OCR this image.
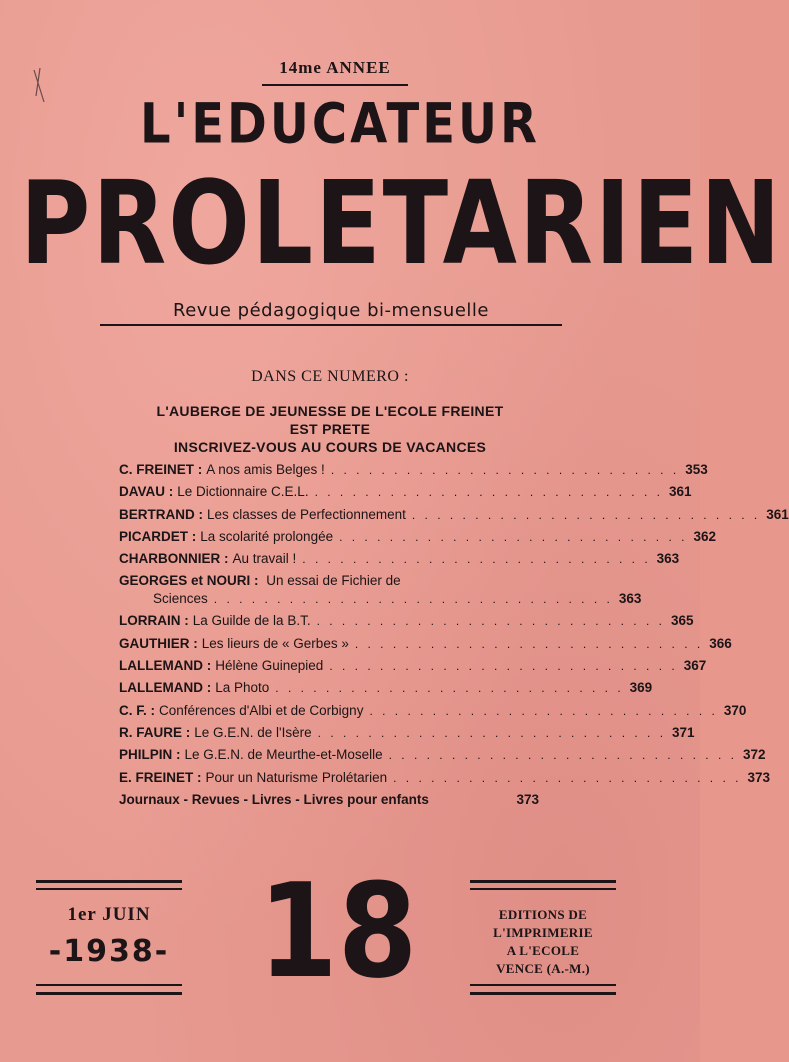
14me ANNEE
L'EDUCATEUR
PROLETARIEN
Revue pédagogique bi-mensuelle
DANS CE NUMERO :
L'AUBERGE DE JEUNESSE DE L'ECOLE FREINET
EST PRETE
INSCRIVEZ-VOUS AU COURS DE VACANCES
C. FREINET : A nos amis Belges ! . . . . . . . . . . . . . . . . . . . . . . . . . . . . 353
DAVAU : Le Dictionnaire C.E.L. . . . . . . . . . . . . . . . . . . . . . . . . . . . . 361
BERTRAND : Les classes de Perfectionnement . . . . . . . . . . . . . . . . . . . . . . . . . . . . 361
PICARDET : La scolarité prolongée . . . . . . . . . . . . . . . . . . . . . . . . . . . . 362
CHARBONNIER : Au travail ! . . . . . . . . . . . . . . . . . . . . . . . . . . . . 363
GEORGES et NOURI : Un essai de Fichier de
Sciences . . . . . . . . . . . . . . . . . . . . . . . . . . . . . . . . 363
LORRAIN : La Guilde de la B.T. . . . . . . . . . . . . . . . . . . . . . . . . . . . . 365
GAUTHIER : Les lieurs de « Gerbes » . . . . . . . . . . . . . . . . . . . . . . . . . . . . 366
LALLEMAND : Hélène Guinepied . . . . . . . . . . . . . . . . . . . . . . . . . . . . 367
LALLEMAND : La Photo . . . . . . . . . . . . . . . . . . . . . . . . . . . . 369
C. F. : Conférences d'Albi et de Corbigny . . . . . . . . . . . . . . . . . . . . . . . . . . . . 370
R. FAURE : Le G.E.N. de l'Isère . . . . . . . . . . . . . . . . . . . . . . . . . . . . 371
PHILPIN : Le G.E.N. de Meurthe-et-Moselle . . . . . . . . . . . . . . . . . . . . . . . . . . . . 372
E. FREINET : Pour un Naturisme Prolétarien . . . . . . . . . . . . . . . . . . . . . . . . . . . . 373
Journaux - Revues - Livres - Livres pour enfants	373
1er JUIN
-1938- 18	EDITIONS DE
L'IMPRIMERIE
A L'ECOLE
VENCE (A.-M.)
